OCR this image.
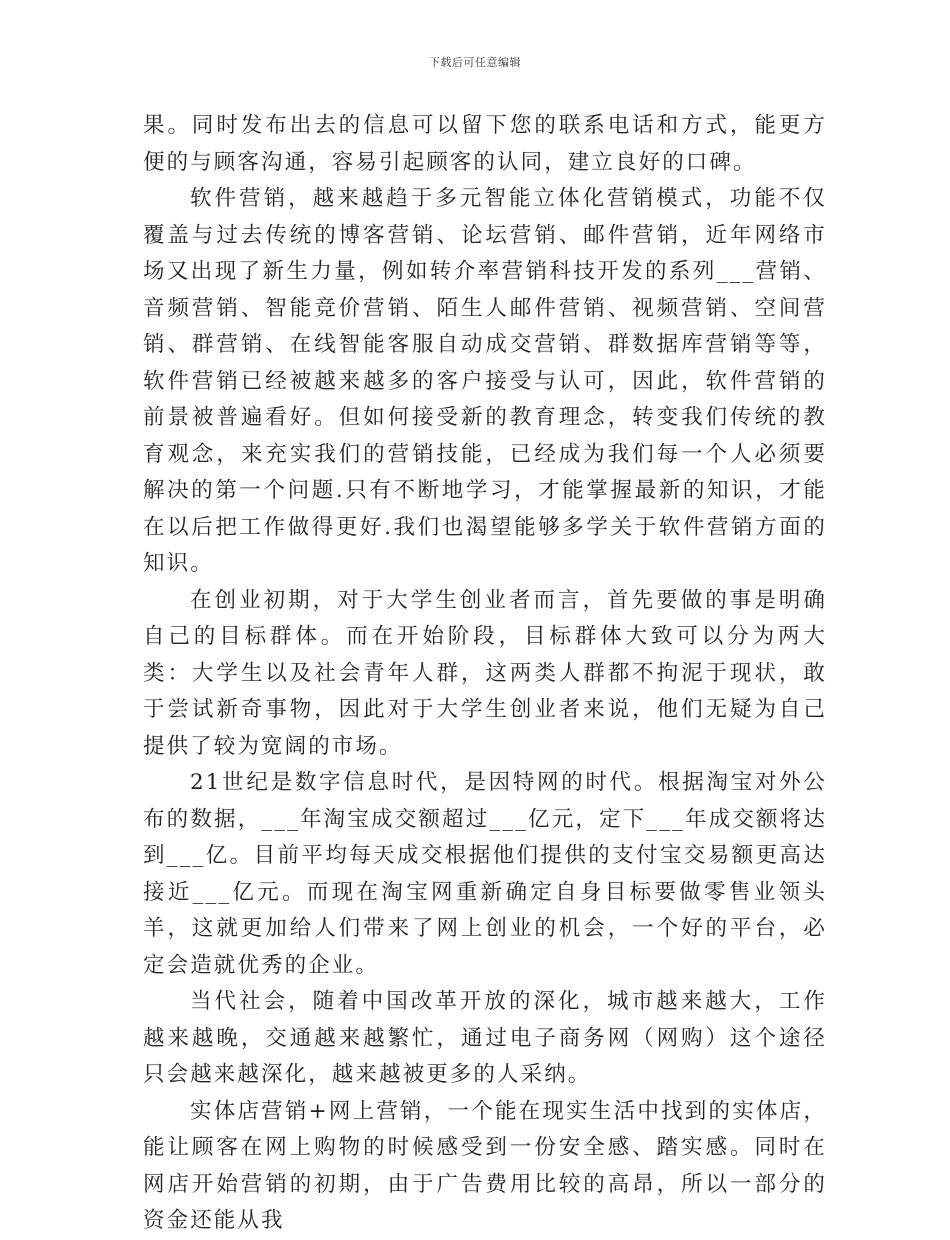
下载后可任意编辑

果。同时发布出去的信息可以留下您的联系电话和方式，能更方便的与顾客沟通，容易引起顾客的认同，建立良好的口碑。

软件营销，越来越趋于多元智能立体化营销模式，功能不仅覆盖与过去传统的博客营销、论坛营销、邮件营销，近年网络市场又出现了新生力量，例如转介率营销科技开发的系列___营销、音频营销、智能竞价营销、陌生人邮件营销、视频营销、空间营销、群营销、在线智能客服自动成交营销、群数据库营销等等，软件营销已经被越来越多的客户接受与认可，因此，软件营销的前景被普遍看好。但如何接受新的教育理念，转变我们传统的教育观念，来充实我们的营销技能，已经成为我们每一个人必须要解决的第一个问题.只有不断地学习，才能掌握最新的知识，才能在以后把工作做得更好.我们也渴望能够多学关于软件营销方面的知识。

在创业初期，对于大学生创业者而言，首先要做的事是明确自己的目标群体。而在开始阶段，目标群体大致可以分为两大类：大学生以及社会青年人群，这两类人群都不拘泥于现状，敢于尝试新奇事物，因此对于大学生创业者来说，他们无疑为自己提供了较为宽阔的市场。

21世纪是数字信息时代，是因特网的时代。根据淘宝对外公布的数据，___年淘宝成交额超过___亿元，定下___年成交额将达到___亿。目前平均每天成交根据他们提供的支付宝交易额更高达接近___亿元。而现在淘宝网重新确定自身目标要做零售业领头羊，这就更加给人们带来了网上创业的机会，一个好的平台，必定会造就优秀的企业。

当代社会，随着中国改革开放的深化，城市越来越大，工作越来越晚，交通越来越繁忙，通过电子商务网（网购）这个途径只会越来越深化，越来越被更多的人采纳。

实体店营销+网上营销，一个能在现实生活中找到的实体店，能让顾客在网上购物的时候感受到一份安全感、踏实感。同时在网店开始营销的初期，由于广告费用比较的高昂，所以一部分的资金还能从我
